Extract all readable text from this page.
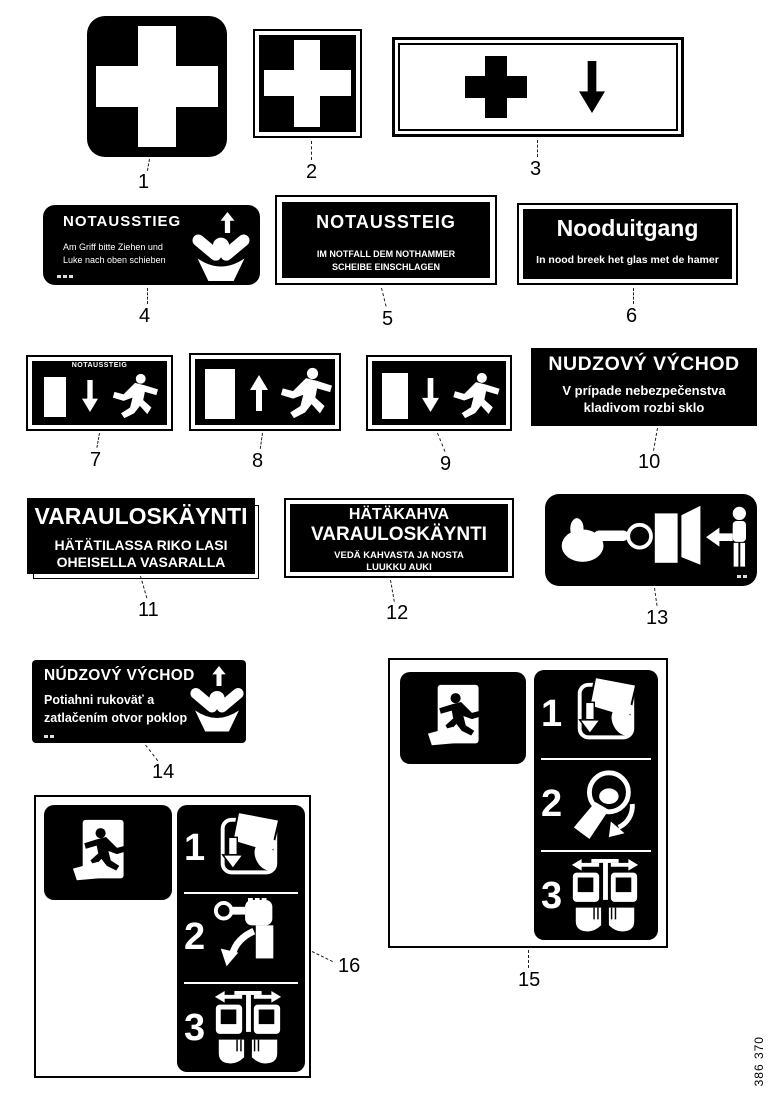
NOTAUSSTIEG
Am Griff bitte Ziehen und
Luke nach oben schieben
NOTAUSSTEIG
IM NOTFALL DEM NOTHAMMER
SCHEIBE EINSCHLAGEN
Nooduitgang
In nood breek het glas met de hamer
NOTAUSSTEIG	NUDZOVÝ VÝCHOD
V prípade nebezpečenstva
kladivom rozbi sklo
VARAULOSKÄYNTI
HÄTÄTILASSA RIKO LASI
OHEISELLA VASARALLA
HÄTÄKAHVA
VARAULOSKÄYNTI
VEDÄ KAHVASTA JA NOSTA
LUUKKU AUKI
NÚDZOVÝ VÝCHOD
Potiahni rukoväť a
zatlačením otvor poklop	1
2
3
1
2
3
1	2	3
4	5	6
7	8	9	10
11	12	13
14
15
16
386 370
